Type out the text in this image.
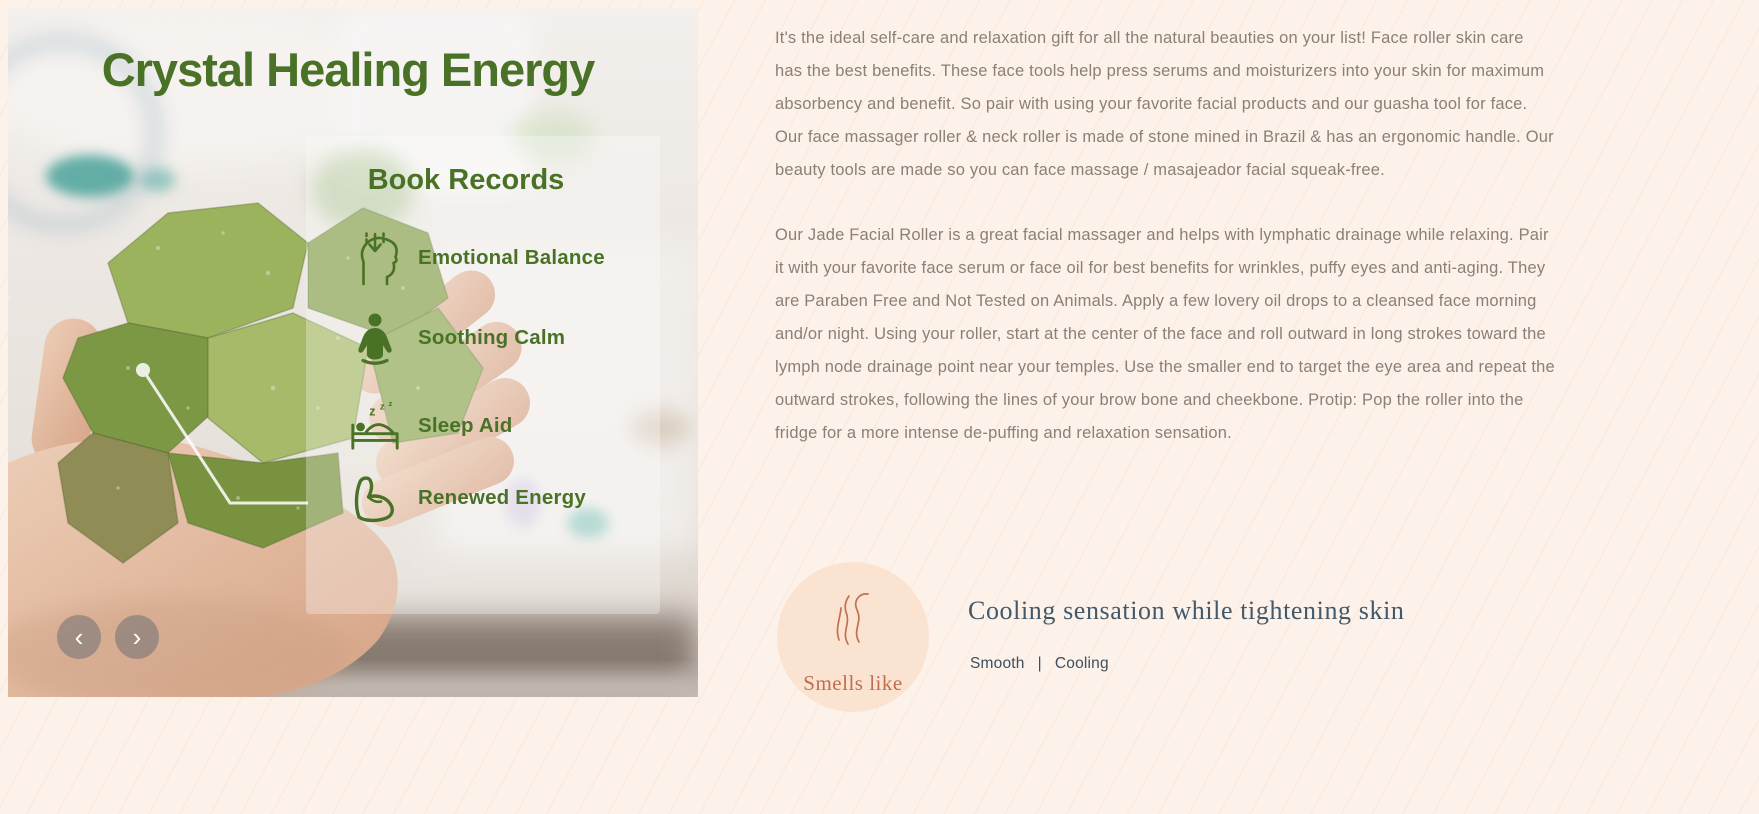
Crystal Healing Energy
Book Records
Emotional Balance
Soothing Calm
z z z
Sleep Aid
Renewed Energy
‹	›

It's the ideal self-care and relaxation gift for all the natural beauties on your list! Face roller skin care has the best benefits. These face tools help press serums and moisturizers into your skin for maximum absorbency and benefit. So pair with using your favorite facial products and our guasha tool for face. Our face massager roller & neck roller is made of stone mined in Brazil & has an ergonomic handle. Our beauty tools are made so you can face massage / masajeador facial squeak-free.

Our Jade Facial Roller is a great facial massager and helps with lymphatic drainage while relaxing. Pair it with your favorite face serum or face oil for best benefits for wrinkles, puffy eyes and anti-aging. They are Paraben Free and Not Tested on Animals. Apply a few lovery oil drops to a cleansed face morning and/or night. Using your roller, start at the center of the face and roll outward in long strokes toward the lymph node drainage point near your temples. Use the smaller end to target the eye area and repeat the outward strokes, following the lines of your brow bone and cheekbone. Protip: Pop the roller into the fridge for a more intense de-puffing and relaxation sensation.

Smells like
Cooling sensation while tightening skin
Smooth | Cooling
